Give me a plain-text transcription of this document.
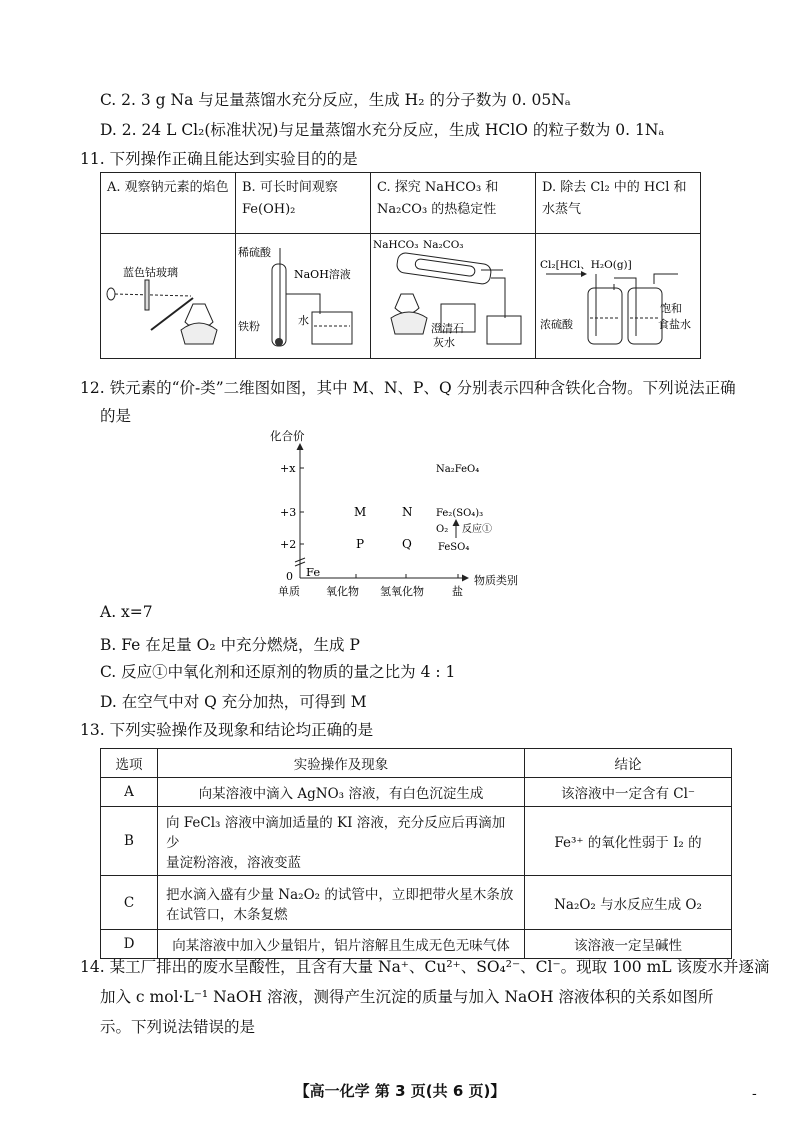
C. 2. 3 g Na 与足量蒸馏水充分反应，生成 H₂ 的分子数为 0. 05Nₐ
D. 2. 24 L Cl₂(标准状况)与足量蒸馏水充分反应，生成 HClO 的粒子数为 0. 1Nₐ
11. 下列操作正确且能达到实验目的的是
A. 观察钠元素的焰色	B. 可长时间观察 Fe(OH)₂	C. 探究 NaHCO₃ 和 Na₂CO₃ 的热稳定性	D. 除去 Cl₂ 中的 HCl 和水蒸气

蓝色钴玻璃	稀硫酸
NaOH溶液
铁粉 水	NaHCO₃ Na₂CO₃
澄清石
灰水	Cl₂[HCl、H₂O(g)]
浓硫酸
饱和
食盐水
12. 铁元素的“价-类”二维图如图，其中 M、N、P、Q 分别表示四种含铁化合物。下列说法正确
的是
化合价
物质类别
+x
+3
+2
0
单质 氧化物 氢氧化物	盐
Fe
M	N
P	Q
Na₂FeO₄
Fe₂(SO₄)₃
FeSO₄
O₂ 反应①
A. x=7
B. Fe 在足量 O₂ 中充分燃烧，生成 P
C. 反应①中氧化剂和还原剂的物质的量之比为 4 : 1
D. 在空气中对 Q 充分加热，可得到 M
13. 下列实验操作及现象和结论均正确的是
选项	实验操作及现象	结论
A	向某溶液中滴入 AgNO₃ 溶液，有白色沉淀生成	该溶液中一定含有 Cl⁻
B	向 FeCl₃ 溶液中滴加适量的 KI 溶液，充分反应后再滴加少
量淀粉溶液，溶液变蓝	Fe³⁺ 的氧化性弱于 I₂ 的
C	把水滴入盛有少量 Na₂O₂ 的试管中，立即把带火星木条放
在试管口，木条复燃	Na₂O₂ 与水反应生成 O₂
D	向某溶液中加入少量铝片，铝片溶解且生成无色无味气体	该溶液一定呈碱性
14. 某工厂排出的废水呈酸性，且含有大量 Na⁺、Cu²⁺、SO₄²⁻、Cl⁻。现取 100 mL 该废水并逐滴
加入 c mol·L⁻¹ NaOH 溶液，测得产生沉淀的质量与加入 NaOH 溶液体积的关系如图所
示。下列说法错误的是
【高一化学 第 3 页(共 6 页)】	-
